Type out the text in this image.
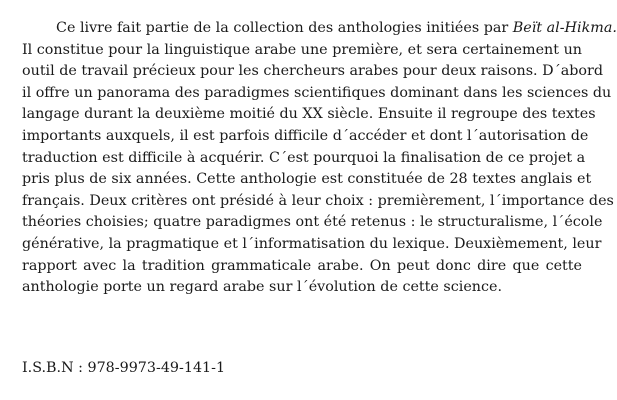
Ce livre fait partie de la collection des anthologies initiées par Beït al-Hikma.
Il constitue pour la linguistique arabe une première, et sera certainement un
outil de travail précieux pour les chercheurs arabes pour deux raisons. D´abord
il offre un panorama des paradigmes scientifiques dominant dans les sciences du
langage durant la deuxième moitié du XX siècle. Ensuite il regroupe des textes
importants auxquels, il est parfois difficile d´accéder et dont l´autorisation de
traduction est difficile à acquérir. C´est pourquoi la finalisation de ce projet a
pris plus de six années. Cette anthologie est constituée de 28 textes anglais et
français. Deux critères ont présidé à leur choix : premièrement, l´importance des
théories choisies; quatre paradigmes ont été retenus : le structuralisme, l´école
générative, la pragmatique et l´informatisation du lexique. Deuxièmement, leur
rapport avec la tradition grammaticale arabe. On peut donc dire que cette
anthologie porte un regard arabe sur l´évolution de cette science.
I.S.B.N : 978-9973-49-141-1
